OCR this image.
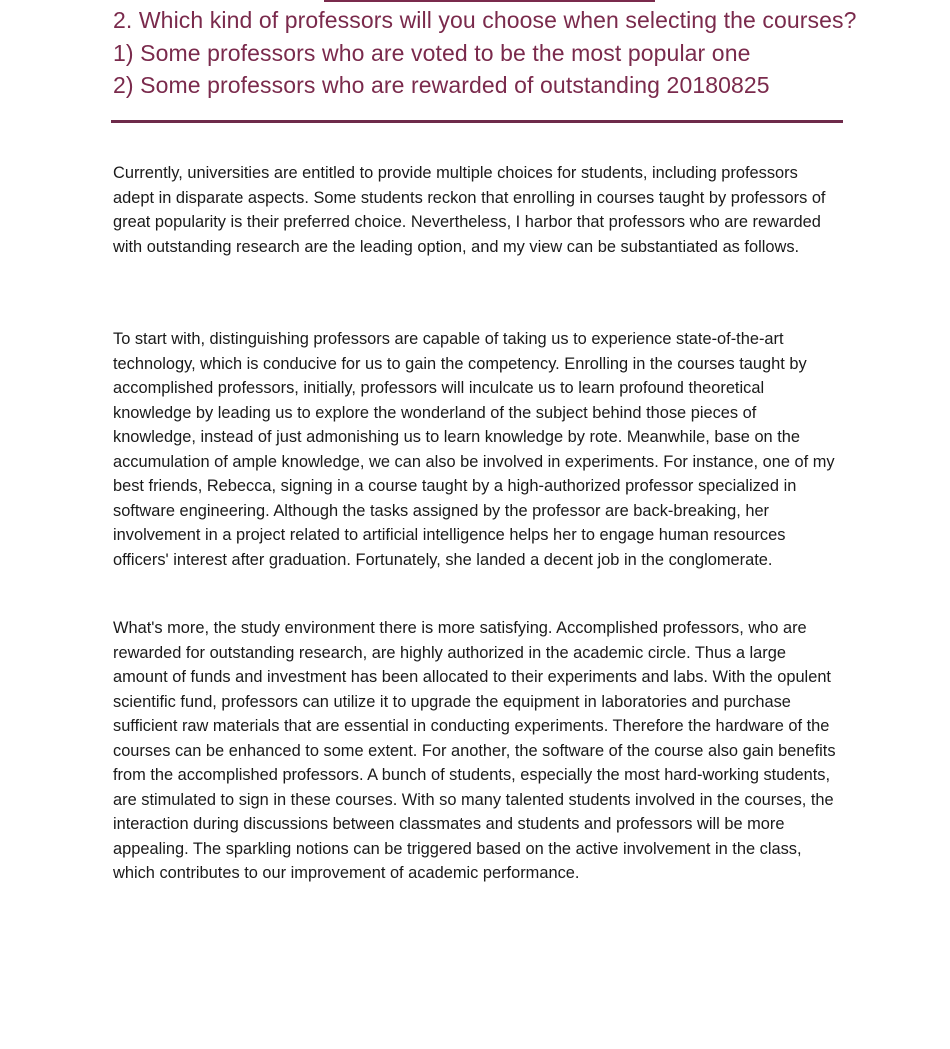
2. Which kind of professors will you choose when selecting the courses?
1) Some professors who are voted to be the most popular one
2) Some professors who are rewarded of outstanding 20180825

Currently, universities are entitled to provide multiple choices for students, including professors adept in disparate aspects. Some students reckon that enrolling in courses taught by professors of great popularity is their preferred choice. Nevertheless, I harbor that professors who are rewarded with outstanding research are the leading option, and my view can be substantiated as follows.

To start with, distinguishing professors are capable of taking us to experience state-of-the-art technology, which is conducive for us to gain the competency. Enrolling in the courses taught by accomplished professors, initially, professors will inculcate us to learn profound theoretical knowledge by leading us to explore the wonderland of the subject behind those pieces of knowledge, instead of just admonishing us to learn knowledge by rote. Meanwhile, base on the accumulation of ample knowledge, we can also be involved in experiments. For instance, one of my best friends, Rebecca, signing in a course taught by a high-authorized professor specialized in software engineering. Although the tasks assigned by the professor are back-breaking, her involvement in a project related to artificial intelligence helps her to engage human resources officers' interest after graduation. Fortunately, she landed a decent job in the conglomerate.

What's more, the study environment there is more satisfying. Accomplished professors, who are rewarded for outstanding research, are highly authorized in the academic circle. Thus a large amount of funds and investment has been allocated to their experiments and labs. With the opulent scientific fund, professors can utilize it to upgrade the equipment in laboratories and purchase sufficient raw materials that are essential in conducting experiments. Therefore the hardware of the courses can be enhanced to some extent. For another, the software of the course also gain benefits from the accomplished professors. A bunch of students, especially the most hard-working students, are stimulated to sign in these courses. With so many talented students involved in the courses, the interaction during discussions between classmates and students and professors will be more appealing. The sparkling notions can be triggered based on the active involvement in the class, which contributes to our improvement of academic performance.
